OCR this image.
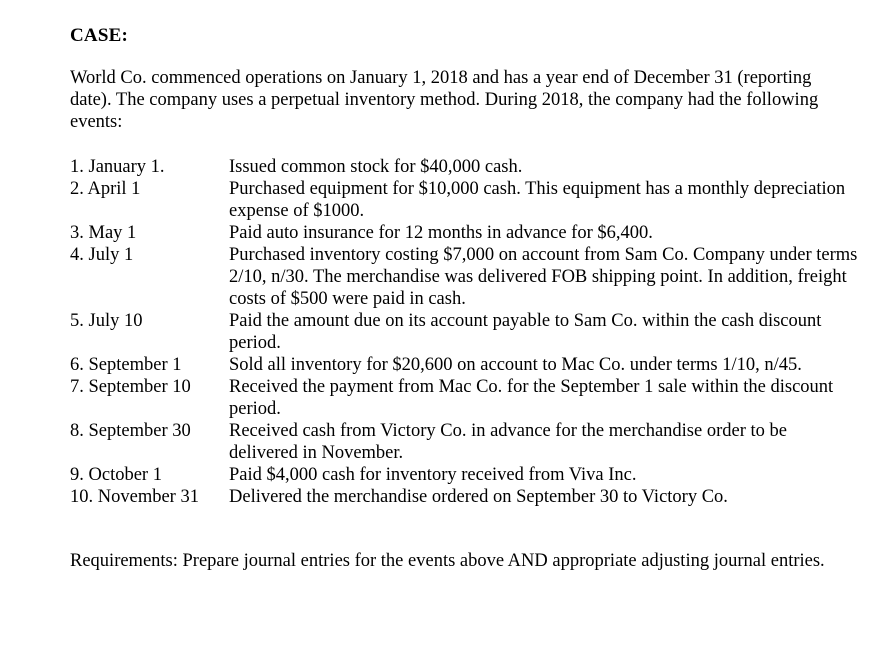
CASE:
World Co. commenced operations on January 1, 2018 and has a year end of December 31 (reporting date). The company uses a perpetual inventory method. During 2018, the company had the following events:
1. January 1.	Issued common stock for $40,000 cash.
2. April 1	Purchased equipment for $10,000 cash. This equipment has a monthly depreciation expense of $1000.
3. May 1	Paid auto insurance for 12 months in advance for $6,400.
4. July 1	Purchased inventory costing $7,000 on account from Sam Co. Company under terms 2/10, n/30. The merchandise was delivered FOB shipping point. In addition, freight costs of $500 were paid in cash.
5. July 10	Paid the amount due on its account payable to Sam Co. within the cash discount period.
6. September 1	Sold all inventory for $20,600 on account to Mac Co. under terms 1/10, n/45.
7. September 10	Received the payment from Mac Co. for the September 1 sale within the discount period.
8. September 30	Received cash from Victory Co. in advance for the merchandise order to be delivered in November.
9. October 1	Paid $4,000 cash for inventory received from Viva Inc.
10. November 31	Delivered the merchandise ordered on September 30 to Victory Co.
Requirements: Prepare journal entries for the events above AND appropriate adjusting journal entries.
